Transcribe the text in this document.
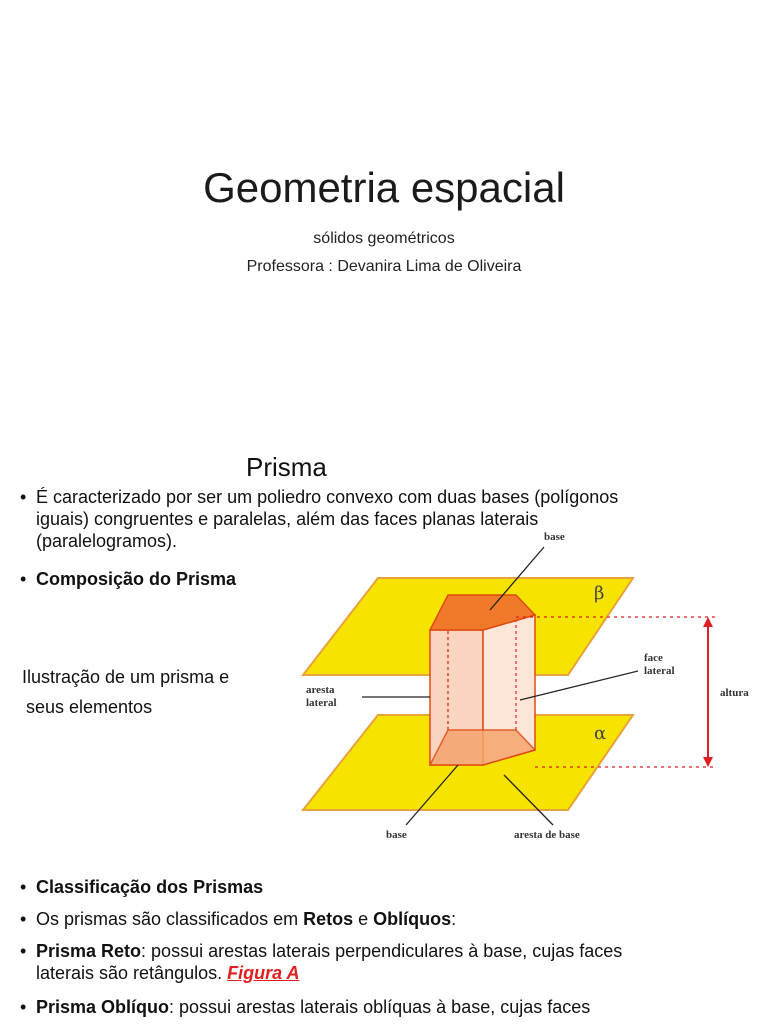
Geometria espacial
sólidos geométricos
Professora : Devanira Lima de Oliveira
Prisma
• É caracterizado por ser um poliedro convexo com duas bases (polígonos
iguais) congruentes e paralelas, além das faces planas laterais
(paralelogramos).
• Composição do Prisma
Ilustração de um prisma e
seus elementos
base
β
α
face
lateral
altura
aresta
lateral
base	aresta de base
• Classificação dos Prismas
• Os prismas são classificados em Retos e Oblíquos:
• Prisma Reto: possui arestas laterais perpendiculares à base, cujas faces
laterais são retângulos. Figura A
• Prisma Oblíquo: possui arestas laterais oblíquas à base, cujas faces
